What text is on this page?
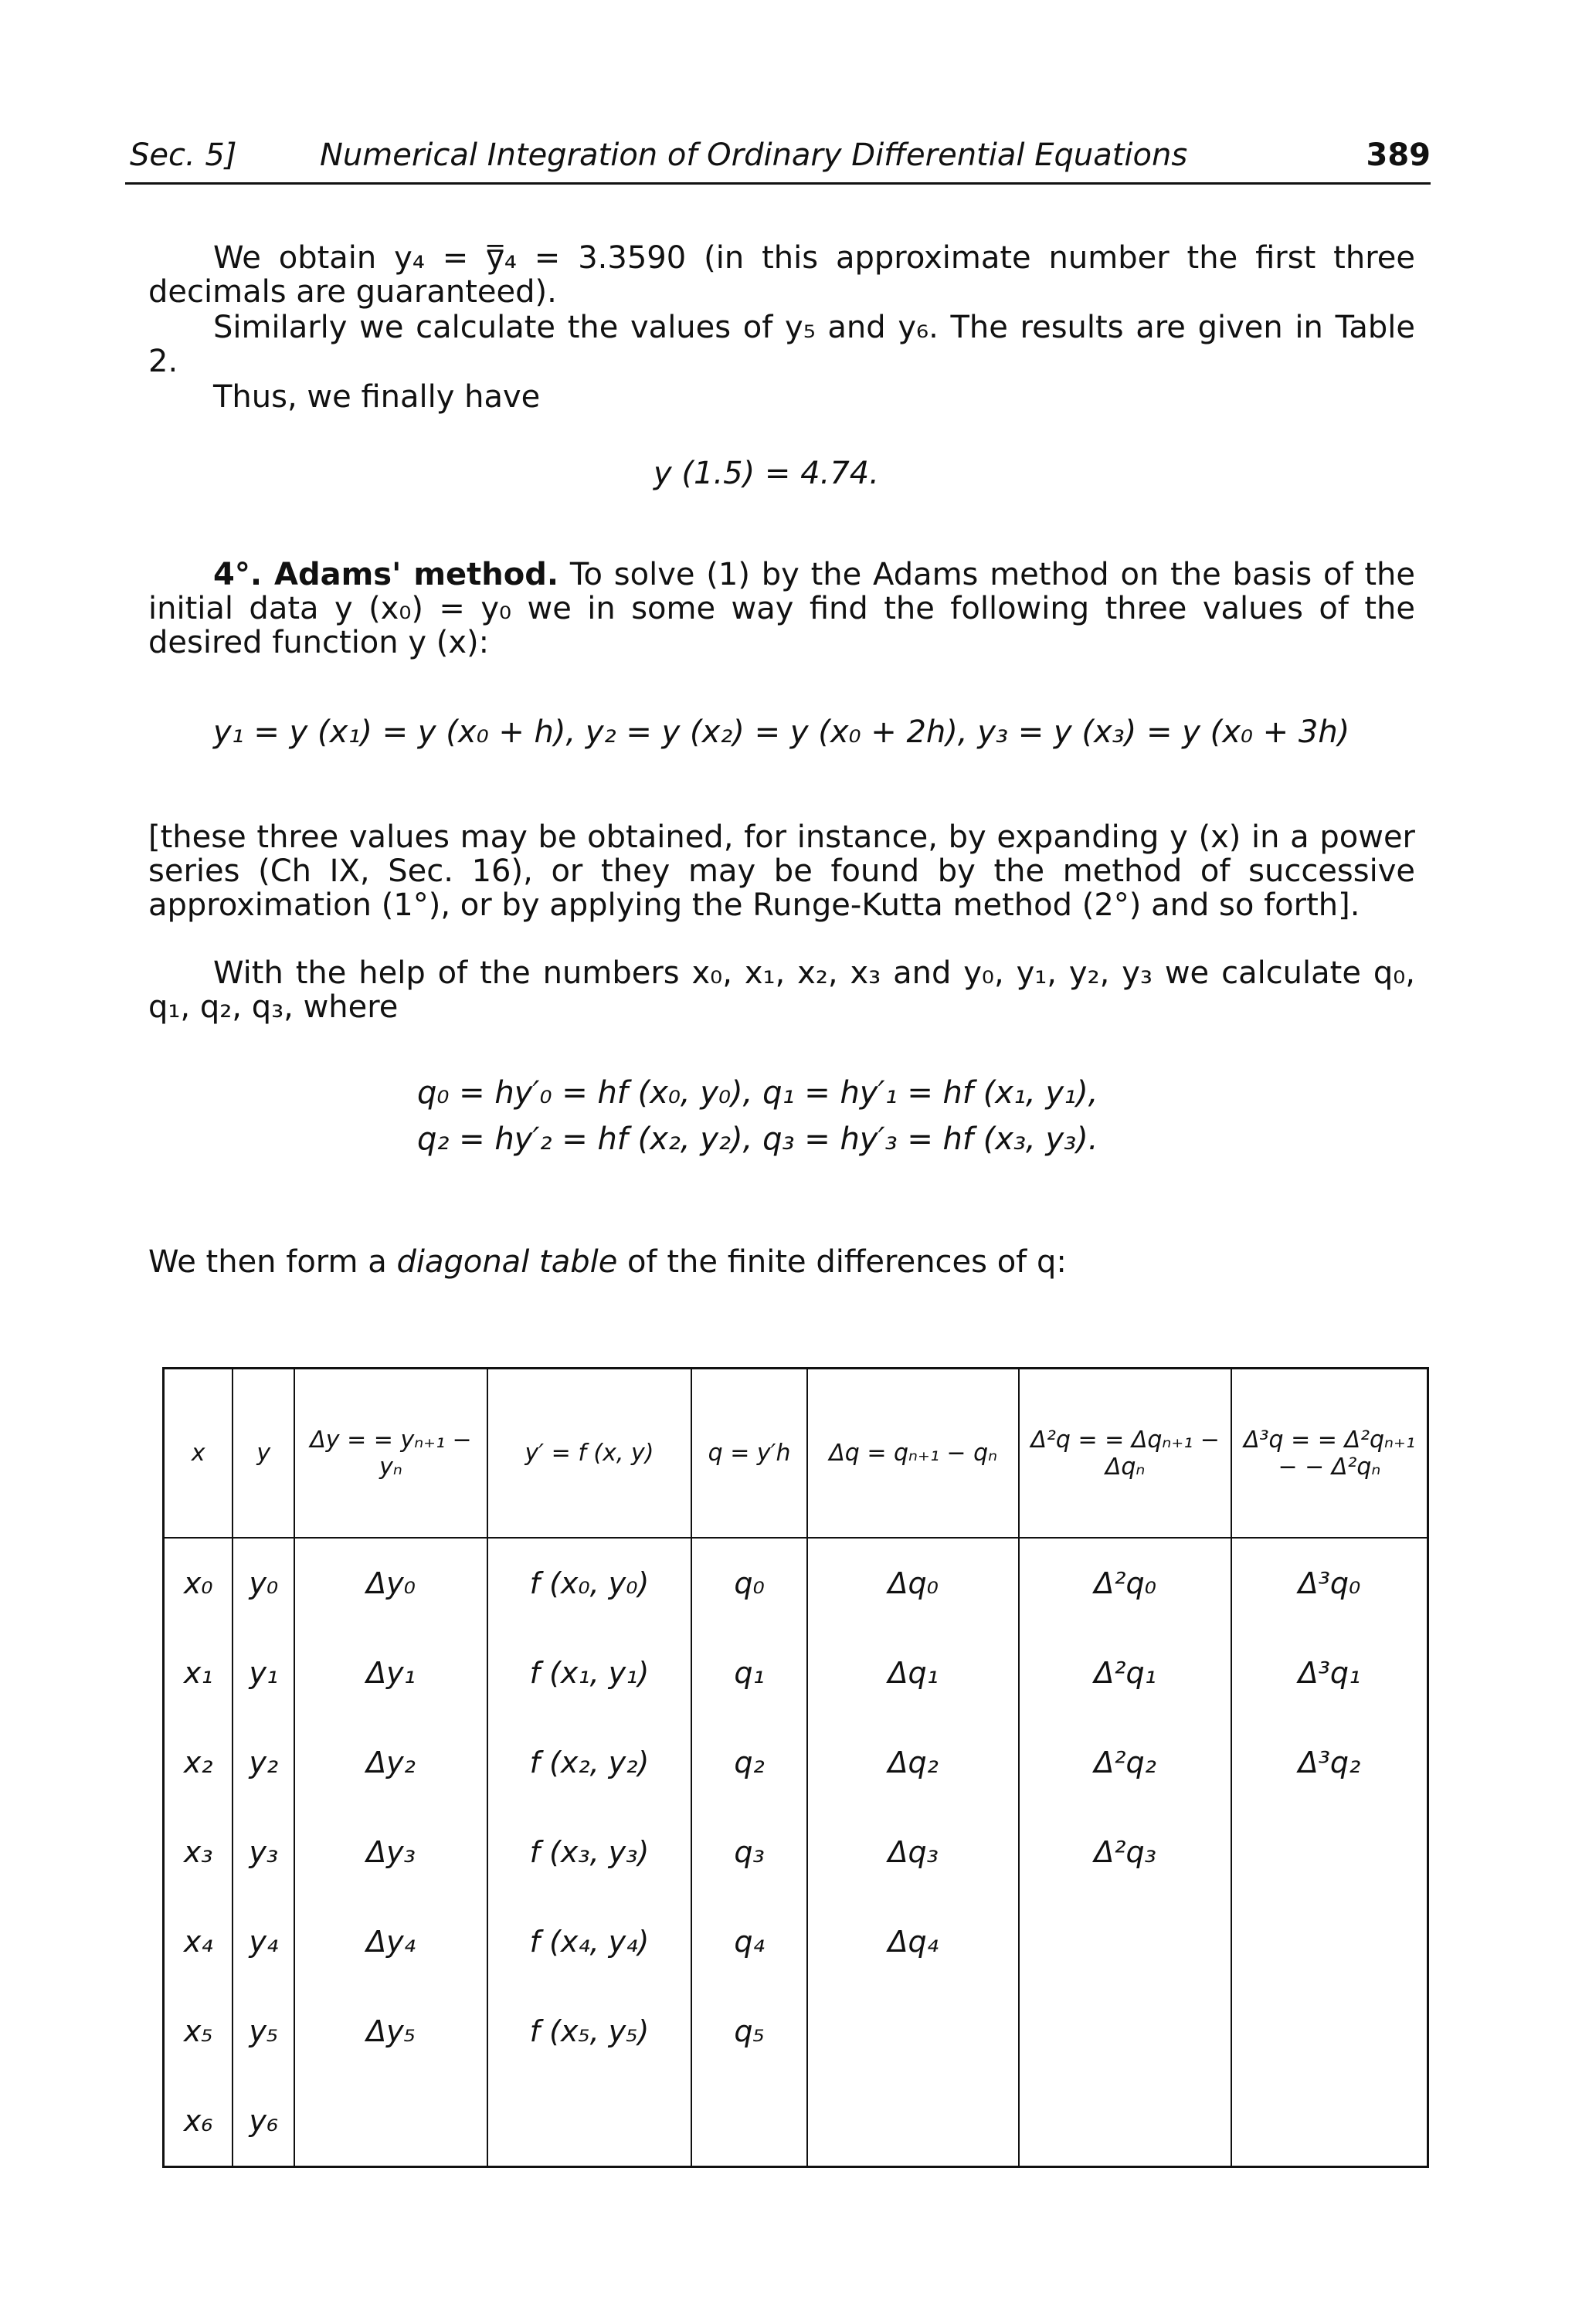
Sec. 5]	Numerical Integration of Ordinary Differential Equations	389
We obtain y₄ = y̿₄ = 3.3590 (in this approximate number the first three decimals are guaranteed).
Similarly we calculate the values of y₅ and y₆. The results are given in Table 2.
Thus, we finally have
y (1.5) = 4.74.
4°. Adams' method. To solve (1) by the Adams method on the basis of the initial data y (x₀) = y₀ we in some way find the following three values of the desired function y (x):
y₁ = y (x₁) = y (x₀ + h), y₂ = y (x₂) = y (x₀ + 2h), y₃ = y (x₃) = y (x₀ + 3h)
[these three values may be obtained, for instance, by expanding y (x) in a power series (Ch IX, Sec. 16), or they may be found by the method of successive approximation (1°), or by applying the Runge-Kutta method (2°) and so forth].
With the help of the numbers x₀, x₁, x₂, x₃ and y₀, y₁, y₂, y₃ we calculate q₀, q₁, q₂, q₃, where
q₀ = hy′₀ = hf (x₀, y₀), q₁ = hy′₁ = hf (x₁, y₁),
q₂ = hy′₂ = hf (x₂, y₂), q₃ = hy′₃ = hf (x₃, y₃).
We then form a diagonal table of the finite differences of q:
x	y	Δy = = yₙ₊₁ − yₙ	y′ = f (x, y)	q = y′h	Δq = qₙ₊₁ − qₙ	Δ²q = = Δqₙ₊₁ − Δqₙ	Δ³q = = Δ²qₙ₊₁ − − Δ²qₙ
x₀	y₀	Δy₀	f (x₀, y₀)	q₀	Δq₀	Δ²q₀	Δ³q₀
x₁	y₁	Δy₁	f (x₁, y₁)	q₁	Δq₁	Δ²q₁	Δ³q₁
x₂	y₂	Δy₂	f (x₂, y₂)	q₂	Δq₂	Δ²q₂	Δ³q₂
x₃	y₃	Δy₃	f (x₃, y₃)	q₃	Δq₃	Δ²q₃	
x₄	y₄	Δy₄	f (x₄, y₄)	q₄	Δq₄		
x₅	y₅	Δy₅	f (x₅, y₅)	q₅			
x₆	y₆						
